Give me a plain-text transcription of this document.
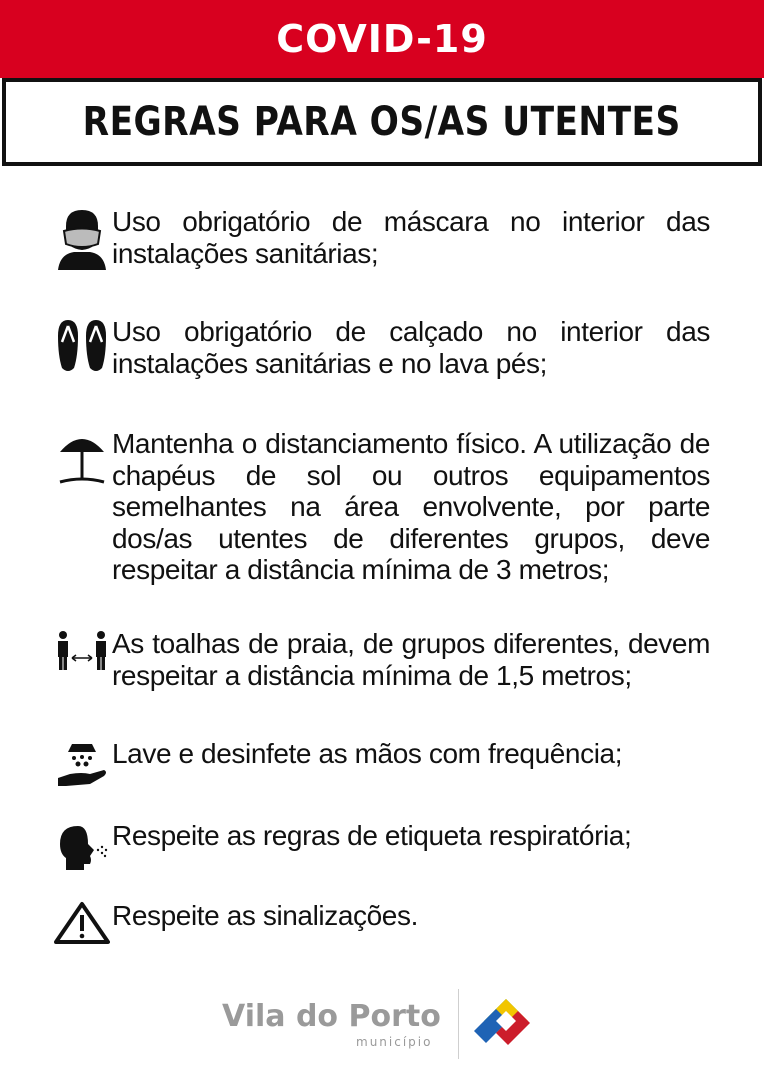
COVID-19
REGRAS PARA OS/AS UTENTES
Uso obrigatório de máscara no interior das instalações sanitárias;
Uso obrigatório de calçado no interior das instalações sanitárias e no lava pés;
Mantenha o distanciamento físico. A utilização de chapéus de sol ou outros equipamentos semelhantes na área envolvente, por parte dos/as utentes de diferentes grupos, deve respeitar a distância mínima de 3 metros;
As toalhas de praia, de grupos diferentes, devem respeitar a distância mínima de 1,5 metros;
Lave e desinfete as mãos com frequência;
Respeite as regras de etiqueta respiratória;
Respeite as sinalizações.
Vila do Porto
município
